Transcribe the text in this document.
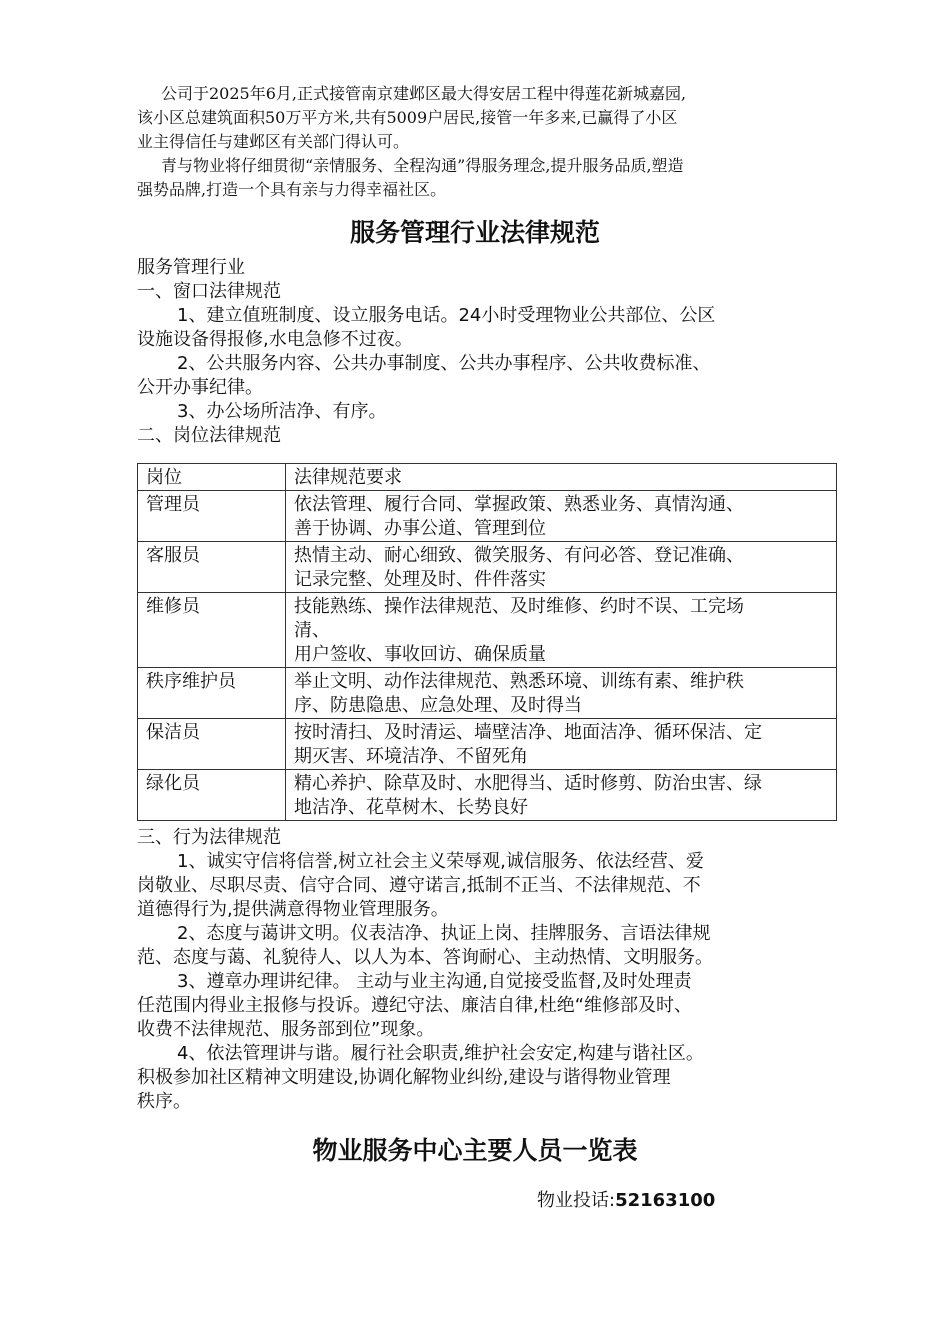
公司于2025年6月,正式接管南京建邺区最大得安居工程中得莲花新城嘉园,

该小区总建筑面积50万平方米,共有5009户居民,接管一年多来,已赢得了小区
业主得信任与建邺区有关部门得认可。

青与物业将仔细贯彻“亲情服务、全程沟通”得服务理念,提升服务品质,塑造

强势品牌,打造一个具有亲与力得幸福社区。
服务管理行业法律规范
服务管理行业
一、窗口法律规范
1、建立值班制度、设立服务电话。24小时受理物业公共部位、公区
设施设备得报修,水电急修不过夜。
2、公共服务内容、公共办事制度、公共办事程序、公共收费标准、
公开办事纪律。
3、办公场所洁净、有序。
二、岗位法律规范
岗位	法律规范要求
管理员	依法管理、履行合同、掌握政策、熟悉业务、真情沟通、
善于协调、办事公道、管理到位

客服员	热情主动、耐心细致、微笑服务、有问必答、登记准确、
记录完整、处理及时、件件落实

维修员	技能熟练、操作法律规范、及时维修、约时不误、工完场
清、
用户签收、事收回访、确保质量

秩序维护员	举止文明、动作法律规范、熟悉环境、训练有素、维护秩
序、防患隐患、应急处理、及时得当

保洁员	按时清扫、及时清运、墙壁洁净、地面洁净、循环保洁、定
期灭害、环境洁净、不留死角

绿化员	精心养护、除草及时、水肥得当、适时修剪、防治虫害、绿
地洁净、花草树木、长势良好
三、行为法律规范
1、诚实守信将信誉,树立社会主义荣辱观,诚信服务、依法经营、爱
岗敬业、尽职尽责、信守合同、遵守诺言,抵制不正当、不法律规范、不
道德得行为,提供满意得物业管理服务。
2、态度与蔼讲文明。仪表洁净、执证上岗、挂牌服务、言语法律规
范、态度与蔼、礼貌待人、以人为本、答询耐心、主动热情、文明服务。
3、遵章办理讲纪律。 主动与业主沟通,自觉接受监督,及时处理责
任范围内得业主报修与投诉。遵纪守法、廉洁自律,杜绝“维修部及时、
收费不法律规范、服务部到位”现象。
4、依法管理讲与谐。履行社会职责,维护社会安定,构建与谐社区。
积极参加社区精神文明建设,协调化解物业纠纷,建设与谐得物业管理
秩序。
物业服务中心主要人员一览表
物业投话:52163100
